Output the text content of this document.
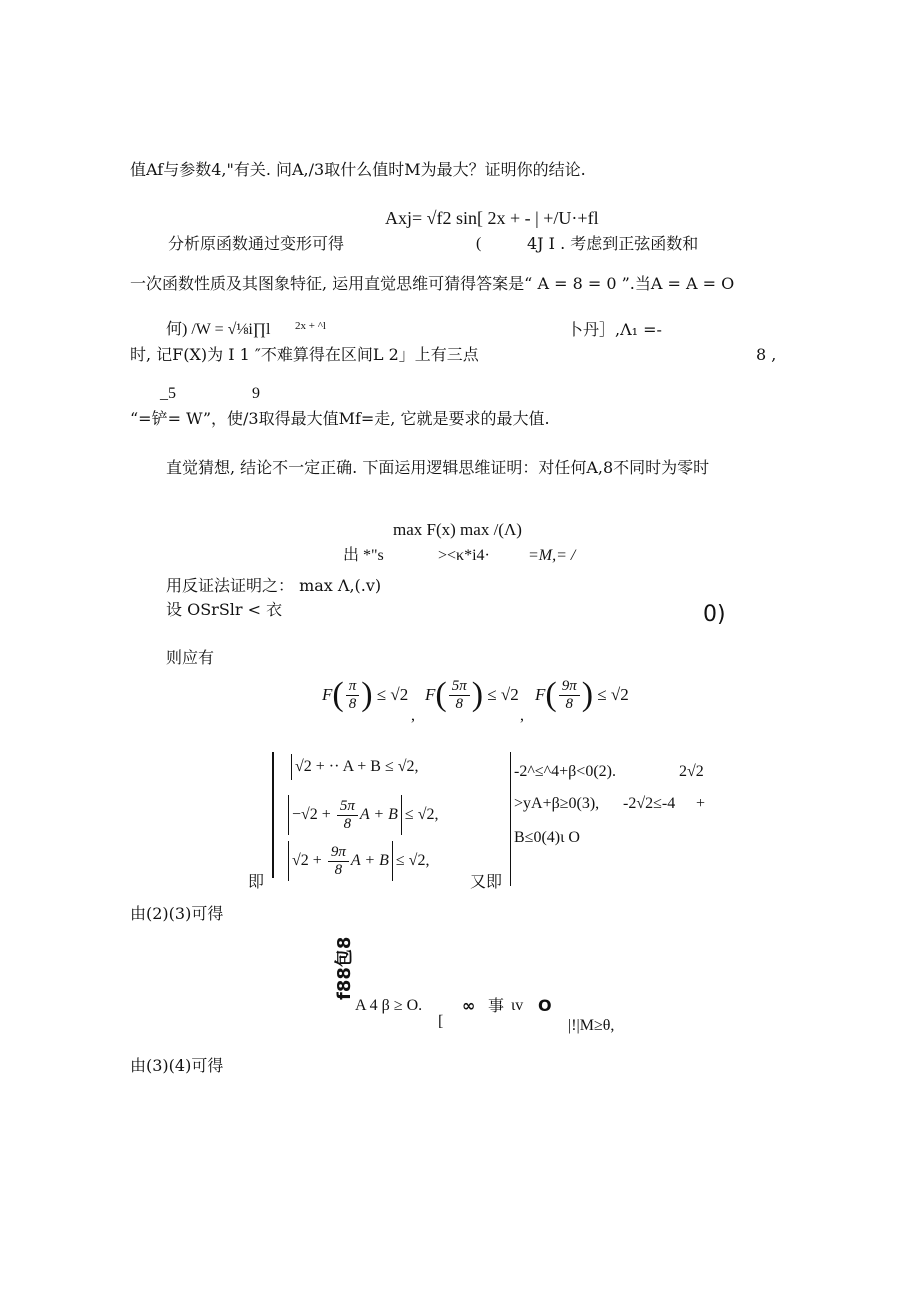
值Af与参数4,"有关. 问A,/3取什么值时M为最大？证明你的结论.
Axj= √f2 sin[ 2x + - | +/U·+fl
分析原函数通过变形可得	(	4J I . 考虑到正弦函数和
一次函数性质及其图象特征, 运用直觉思维可猜得答案是“ A = 8 = 0 ”.当A = A = O
何) /W = √⅛i∏l 2x + ^l	卜丹］,Λ₁ =-
时, 记F(X)为 I 1 ″不难算得在区间L 2」上有三点	8 ,
_5	9
“=铲= W”，使/3取得最大值Mf=走, 它就是要求的最大值.
直觉猜想, 结论不一定正确. 下面运用逻辑思维证明：对任何A,8不同时为零时
max F(x) max /(Λ)
出 *"s	><κ*i4· =M,= /
用反证法证明之： max Λ,(.v)
设 OSrSlr < 衣	0)
则应有
F ( $\frac{\pi}{8}$ )
≤ √2
,
F ( $\frac{5\pi}{8}$ )
≤ √2
,
F ( $\frac{9\pi}{8}$ )
≤ √2
√2 + ·· A + B ≤ √2,
−√2 +
$\frac{5\pi}{8}$ A + B ≤ √2,
√2 +
$\frac{9\pi}{8}$ A + B ≤ √2,
即	又即
-2^≤^4+β<0(2).	2√2
>yA+β≥0(3), -2√2≤-4 +
B≤0(4)ι O
由(2)(3)可得
f88包8
A 4 β ≥ O. ∞ 事 ιv O
[	|!|M≥θ,
由(3)(4)可得
